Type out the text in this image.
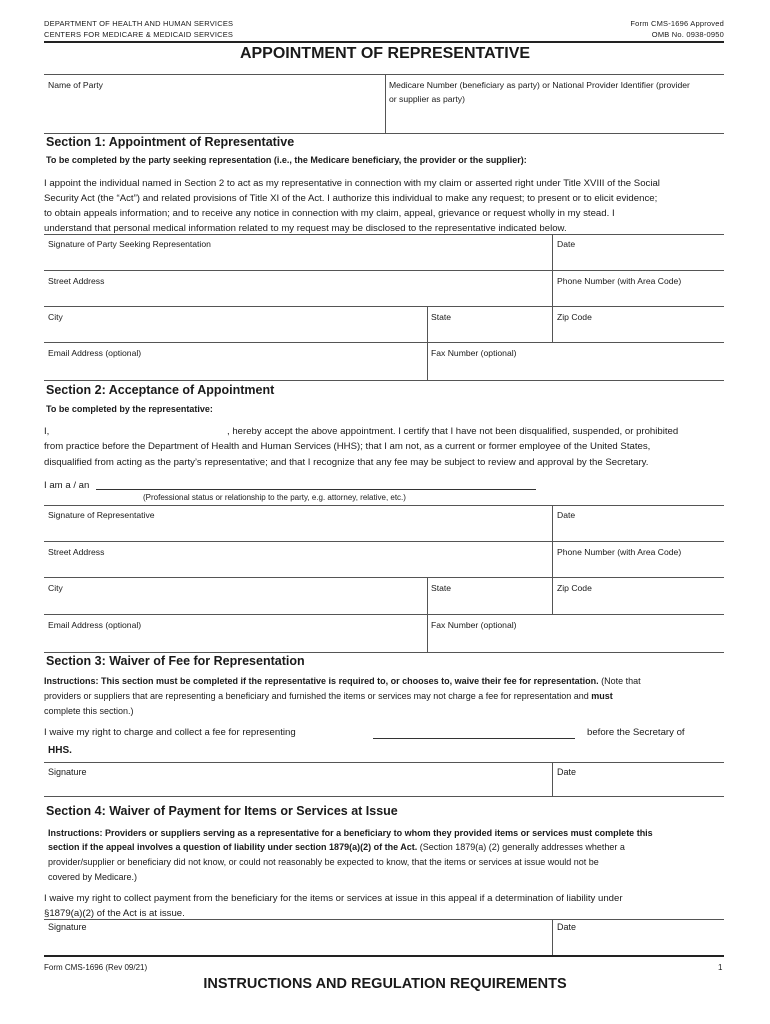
DEPARTMENT OF HEALTH AND HUMAN SERVICES
CENTERS FOR MEDICARE & MEDICAID SERVICES
Form CMS-1696 Approved
OMB No. 0938-0950
APPOINTMENT OF REPRESENTATIVE
Name of Party	Medicare Number (beneficiary as party) or National Provider Identifier (provider
or supplier as party)
Section 1: Appointment of Representative
To be completed by the party seeking representation (i.e., the Medicare beneficiary, the provider or the supplier):
I appoint the individual named in Section 2 to act as my representative in connection with my claim or asserted right under Title XVIII of the Social
Security Act (the “Act”) and related provisions of Title XI of the Act. I authorize this individual to make any request; to present or to elicit evidence;
to obtain appeals information; and to receive any notice in connection with my claim, appeal, grievance or request wholly in my stead. I
understand that personal medical information related to my request may be disclosed to the representative indicated below.
Signature of Party Seeking Representation	Date
Street Address	Phone Number (with Area Code)
City	State	Zip Code
Email Address (optional)	Fax Number (optional)
Section 2: Acceptance of Appointment
To be completed by the representative:
I,	, hereby accept the above appointment. I certify that I have not been disqualified, suspended, or prohibited
from practice before the Department of Health and Human Services (HHS); that I am not, as a current or former employee of the United States,
disqualified from acting as the party’s representative; and that I recognize that any fee may be subject to review and approval by the Secretary.
I am a / an
(Professional status or relationship to the party, e.g. attorney, relative, etc.)
Signature of Representative	Date
Street Address	Phone Number (with Area Code)
City	State	Zip Code
Email Address (optional)	Fax Number (optional)
Section 3: Waiver of Fee for Representation
Instructions: This section must be completed if the representative is required to, or chooses to, waive their fee for representation. (Note that
providers or suppliers that are representing a beneficiary and furnished the items or services may not charge a fee for representation and must
complete this section.)
I waive my right to charge and collect a fee for representing	before the Secretary of
HHS.
Signature	Date
Section 4: Waiver of Payment for Items or Services at Issue
Instructions: Providers or suppliers serving as a representative for a beneficiary to whom they provided items or services must complete this
section if the appeal involves a question of liability under section 1879(a)(2) of the Act. (Section 1879(a) (2) generally addresses whether a
provider/supplier or beneficiary did not know, or could not reasonably be expected to know, that the items or services at issue would not be
covered by Medicare.)
I waive my right to collect payment from the beneficiary for the items or services at issue in this appeal if a determination of liability under
§1879(a)(2) of the Act is at issue.
Signature	Date
Form CMS-1696 (Rev 09/21)	1
INSTRUCTIONS AND REGULATION REQUIREMENTS
